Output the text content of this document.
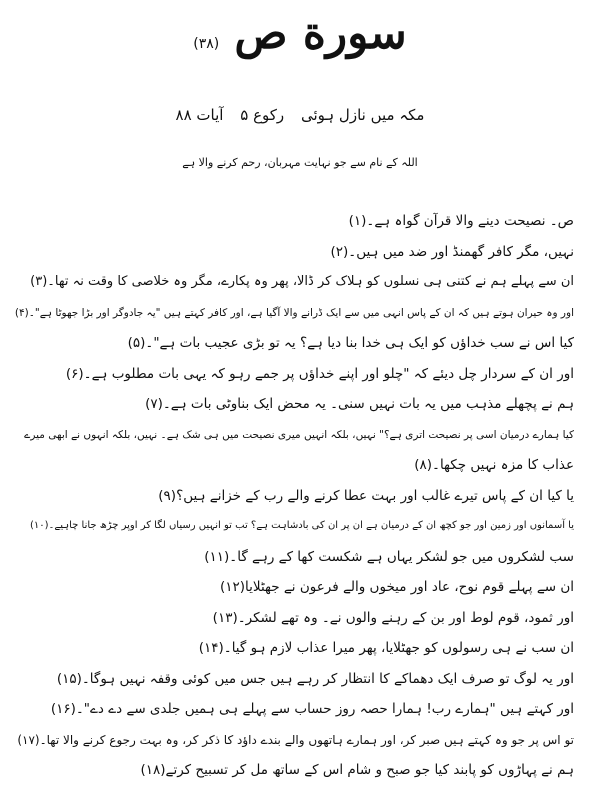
سورة ص (۳۸)
مکہ میں نازل ہوئی رکوع ۵ آیات ۸۸
اللہ کے نام سے جو نہایت مہربان، رحم کرنے والا ہے
ص۔ نصیحت دینے والا قرآن گواہ ہے۔(۱)
نہیں، مگر کافر گھمنڈ اور ضد میں ہیں۔(۲)
ان سے پہلے ہم نے کتنی ہی نسلوں کو ہلاک کر ڈالا، پھر وہ پکارے، مگر وہ خلاصی کا وقت نہ تھا۔(۳)
اور وہ حیران ہوتے ہیں کہ ان کے پاس انہی میں سے ایک ڈرانے والا آگیا ہے، اور کافر کہتے ہیں "یہ جادوگر اور بڑا جھوٹا ہے"۔(۴)
کیا اس نے سب خداؤں کو ایک ہی خدا بنا دیا ہے؟ یہ تو بڑی عجیب بات ہے"۔(۵)
اور ان کے سردار چل دیئے کہ "چلو اور اپنے خداؤں پر جمے رہو کہ یہی بات مطلوب ہے۔(۶)
ہم نے پچھلے مذہب میں یہ بات نہیں سنی۔ یہ محض ایک بناوٹی بات ہے۔(۷)
کیا ہمارے درمیان اسی پر نصیحت اتری ہے؟" نہیں، بلکہ انہیں میری نصیحت میں ہی شک ہے۔ نہیں، بلکہ انہوں نے ابھی میرے
عذاب کا مزہ نہیں چکھا۔(۸)
یا کیا ان کے پاس تیرے غالب اور بہت عطا کرنے والے رب کے خزانے ہیں؟(۹)
یا آسمانوں اور زمین اور جو کچھ ان کے درمیان ہے ان پر ان کی بادشاہت ہے؟ تب تو انہیں رسیاں لگا کر اوپر چڑھ جانا چاہیے۔(۱۰)
سب لشکروں میں جو لشکر یہاں ہے شکست کھا کے رہے گا۔(۱۱)
ان سے پہلے قوم نوح، عاد اور میخوں والے فرعون نے جھٹلایا(۱۲)
اور ثمود، قوم لوط اور بن کے رہنے والوں نے۔ وہ تھے لشکر۔(۱۳)
ان سب نے ہی رسولوں کو جھٹلایا، پھر میرا عذاب لازم ہو گیا۔(۱۴)
اور یہ لوگ تو صرف ایک دھماکے کا انتظار کر رہے ہیں جس میں کوئی وقفہ نہیں ہوگا۔(۱۵)
اور کہتے ہیں "ہمارے رب! ہمارا حصہ روز حساب سے پہلے ہی ہمیں جلدی سے دے دے"۔(۱۶)
تو اس پر جو وہ کہتے ہیں صبر کر، اور ہمارے ہاتھوں والے بندے داؤد کا ذکر کر، وہ بہت رجوع کرنے والا تھا۔(۱۷)
ہم نے پہاڑوں کو پابند کیا جو صبح و شام اس کے ساتھ مل کر تسبیح کرتے(۱۸)
